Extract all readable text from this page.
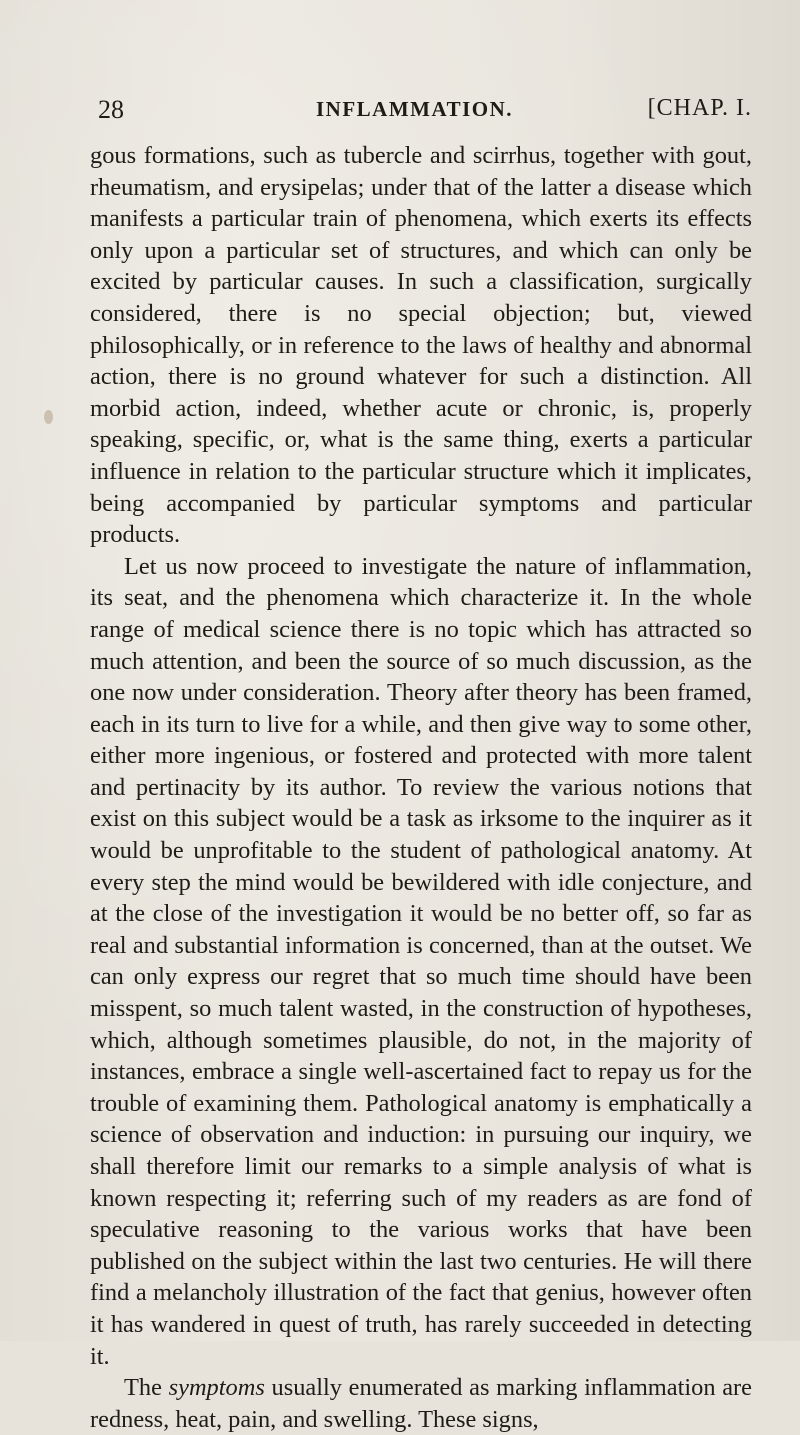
28	INFLAMMATION.	[CHAP. I.

gous formations, such as tubercle and scirrhus, together with gout, rheumatism, and erysipelas; under that of the latter a disease which manifests a particular train of phenomena, which exerts its effects only upon a particular set of structures, and which can only be excited by particular causes. In such a classification, surgically considered, there is no special objection; but, viewed philosophically, or in reference to the laws of healthy and abnormal action, there is no ground whatever for such a distinction. All morbid action, indeed, whether acute or chronic, is, properly speaking, specific, or, what is the same thing, exerts a particular influence in relation to the particular structure which it implicates, being accompanied by particular symptoms and particular products.

Let us now proceed to investigate the nature of inflammation, its seat, and the phenomena which characterize it. In the whole range of medical science there is no topic which has attracted so much attention, and been the source of so much discussion, as the one now under consideration. Theory after theory has been framed, each in its turn to live for a while, and then give way to some other, either more ingenious, or fostered and protected with more talent and pertinacity by its author. To review the various notions that exist on this subject would be a task as irksome to the inquirer as it would be unprofitable to the student of pathological anatomy. At every step the mind would be bewildered with idle conjecture, and at the close of the investigation it would be no better off, so far as real and substantial information is concerned, than at the outset. We can only express our regret that so much time should have been misspent, so much talent wasted, in the construction of hypotheses, which, although sometimes plausible, do not, in the majority of instances, embrace a single well-ascertained fact to repay us for the trouble of examining them. Pathological anatomy is emphatically a science of observation and induction: in pursuing our inquiry, we shall therefore limit our remarks to a simple analysis of what is known respecting it; referring such of my readers as are fond of speculative reasoning to the various works that have been published on the subject within the last two centuries. He will there find a melancholy illustration of the fact that genius, however often it has wandered in quest of truth, has rarely succeeded in detecting it.

The symptoms usually enumerated as marking inflammation are redness, heat, pain, and swelling. These signs,
